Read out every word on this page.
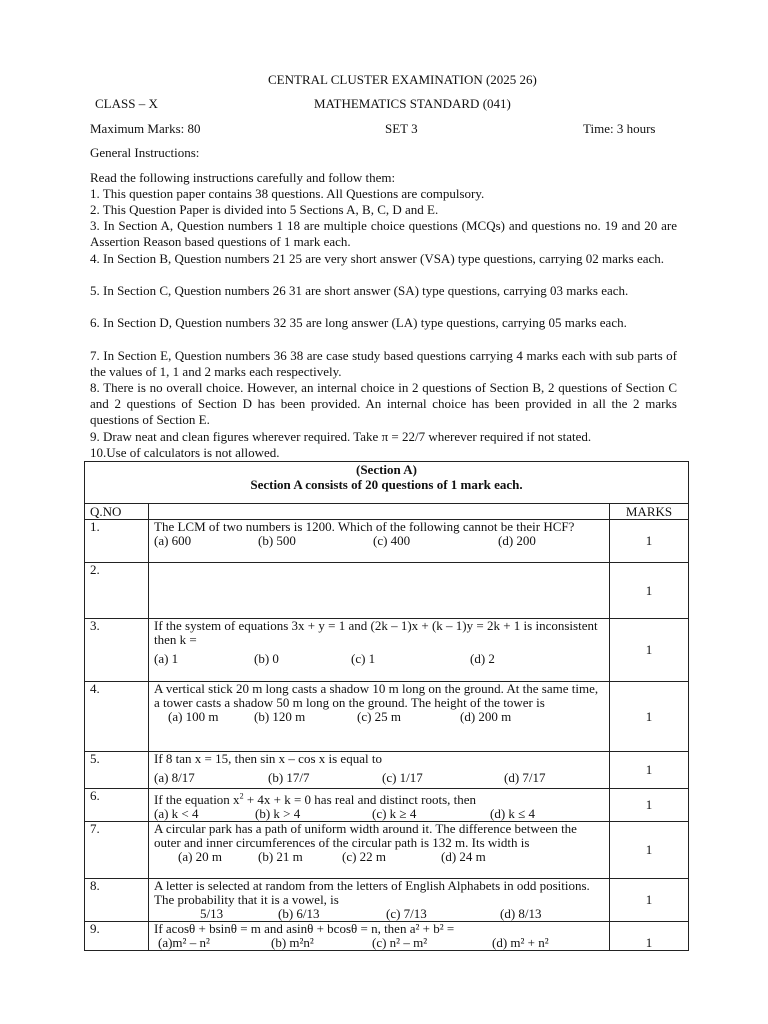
CENTRAL CLUSTER EXAMINATION (2025 26)
CLASS – X	MATHEMATICS STANDARD (041)
Maximum Marks: 80	SET 3	Time: 3 hours
General Instructions:
Read the following instructions carefully and follow them:
1. This question paper contains 38 questions. All Questions are compulsory.
2. This Question Paper is divided into 5 Sections A, B, C, D and E.
3. In Section A, Question numbers 1 18 are multiple choice questions (MCQs) and questions no. 19 and 20 are Assertion Reason based questions of 1 mark each.
4. In Section B, Question numbers 21 25 are very short answer (VSA) type questions, carrying 02 marks each.
5. In Section C, Question numbers 26 31 are short answer (SA) type questions, carrying 03 marks each.
6. In Section D, Question numbers 32 35 are long answer (LA) type questions, carrying 05 marks each.
7. In Section E, Question numbers 36 38 are case study based questions carrying 4 marks each with sub parts of the values of 1, 1 and 2 marks each respectively.
8. There is no overall choice. However, an internal choice in 2 questions of Section B, 2 questions of Section C and 2 questions of Section D has been provided. An internal choice has been provided in all the 2 marks questions of Section E.
9. Draw neat and clean figures wherever required. Take π = 22/7 wherever required if not stated.
10.Use of calculators is not allowed.
(Section A)
Section A consists of 20 questions of 1 mark each.		

Q.NO		MARKS
1.	The LCM of two numbers is 1200. Which of the following cannot be their HCF?
(a) 600 (b) 500 (c) 400 (d) 200	1
2.		1
3.	If the system of equations 3x + y = 1 and (2k – 1)x + (k – 1)y = 2k + 1 is inconsistent then k =
(a) 1 (b) 0 (c) 1 (d) 2	1
4.	A vertical stick 20 m long casts a shadow 10 m long on the ground. At the same time, a tower casts a shadow 50 m long on the ground. The height of the tower is
(a) 100 m (b) 120 m (c) 25 m (d) 200 m	1
5.	If 8 tan x = 15, then sin x – cos x is equal to
(a) 8/17 (b) 17/7 (c) 1/17 (d) 7/17	1
6.	If the equation $x^2 + 4x + k = 0$ has real and distinct roots, then
(a) k < 4 (b) k > 4 (c) k ≥ 4 (d) k ≤ 4	1
7.	A circular park has a path of uniform width around it. The difference between the outer and inner circumferences of the circular path is 132 m. Its width is
(a) 20 m (b) 21 m (c) 22 m (d) 24 m	1
8.	A letter is selected at random from the letters of English Alphabets in odd positions. The probability that it is a vowel, is
5/13 (b) 6/13 (c) 7/13 (d) 8/13	1
9.	If acosθ + bsinθ = m and asinθ + bcosθ = n, then a² + b² =
(a)m² – n² (b) m²n² (c) n² – m² (d) m² + n²	1
